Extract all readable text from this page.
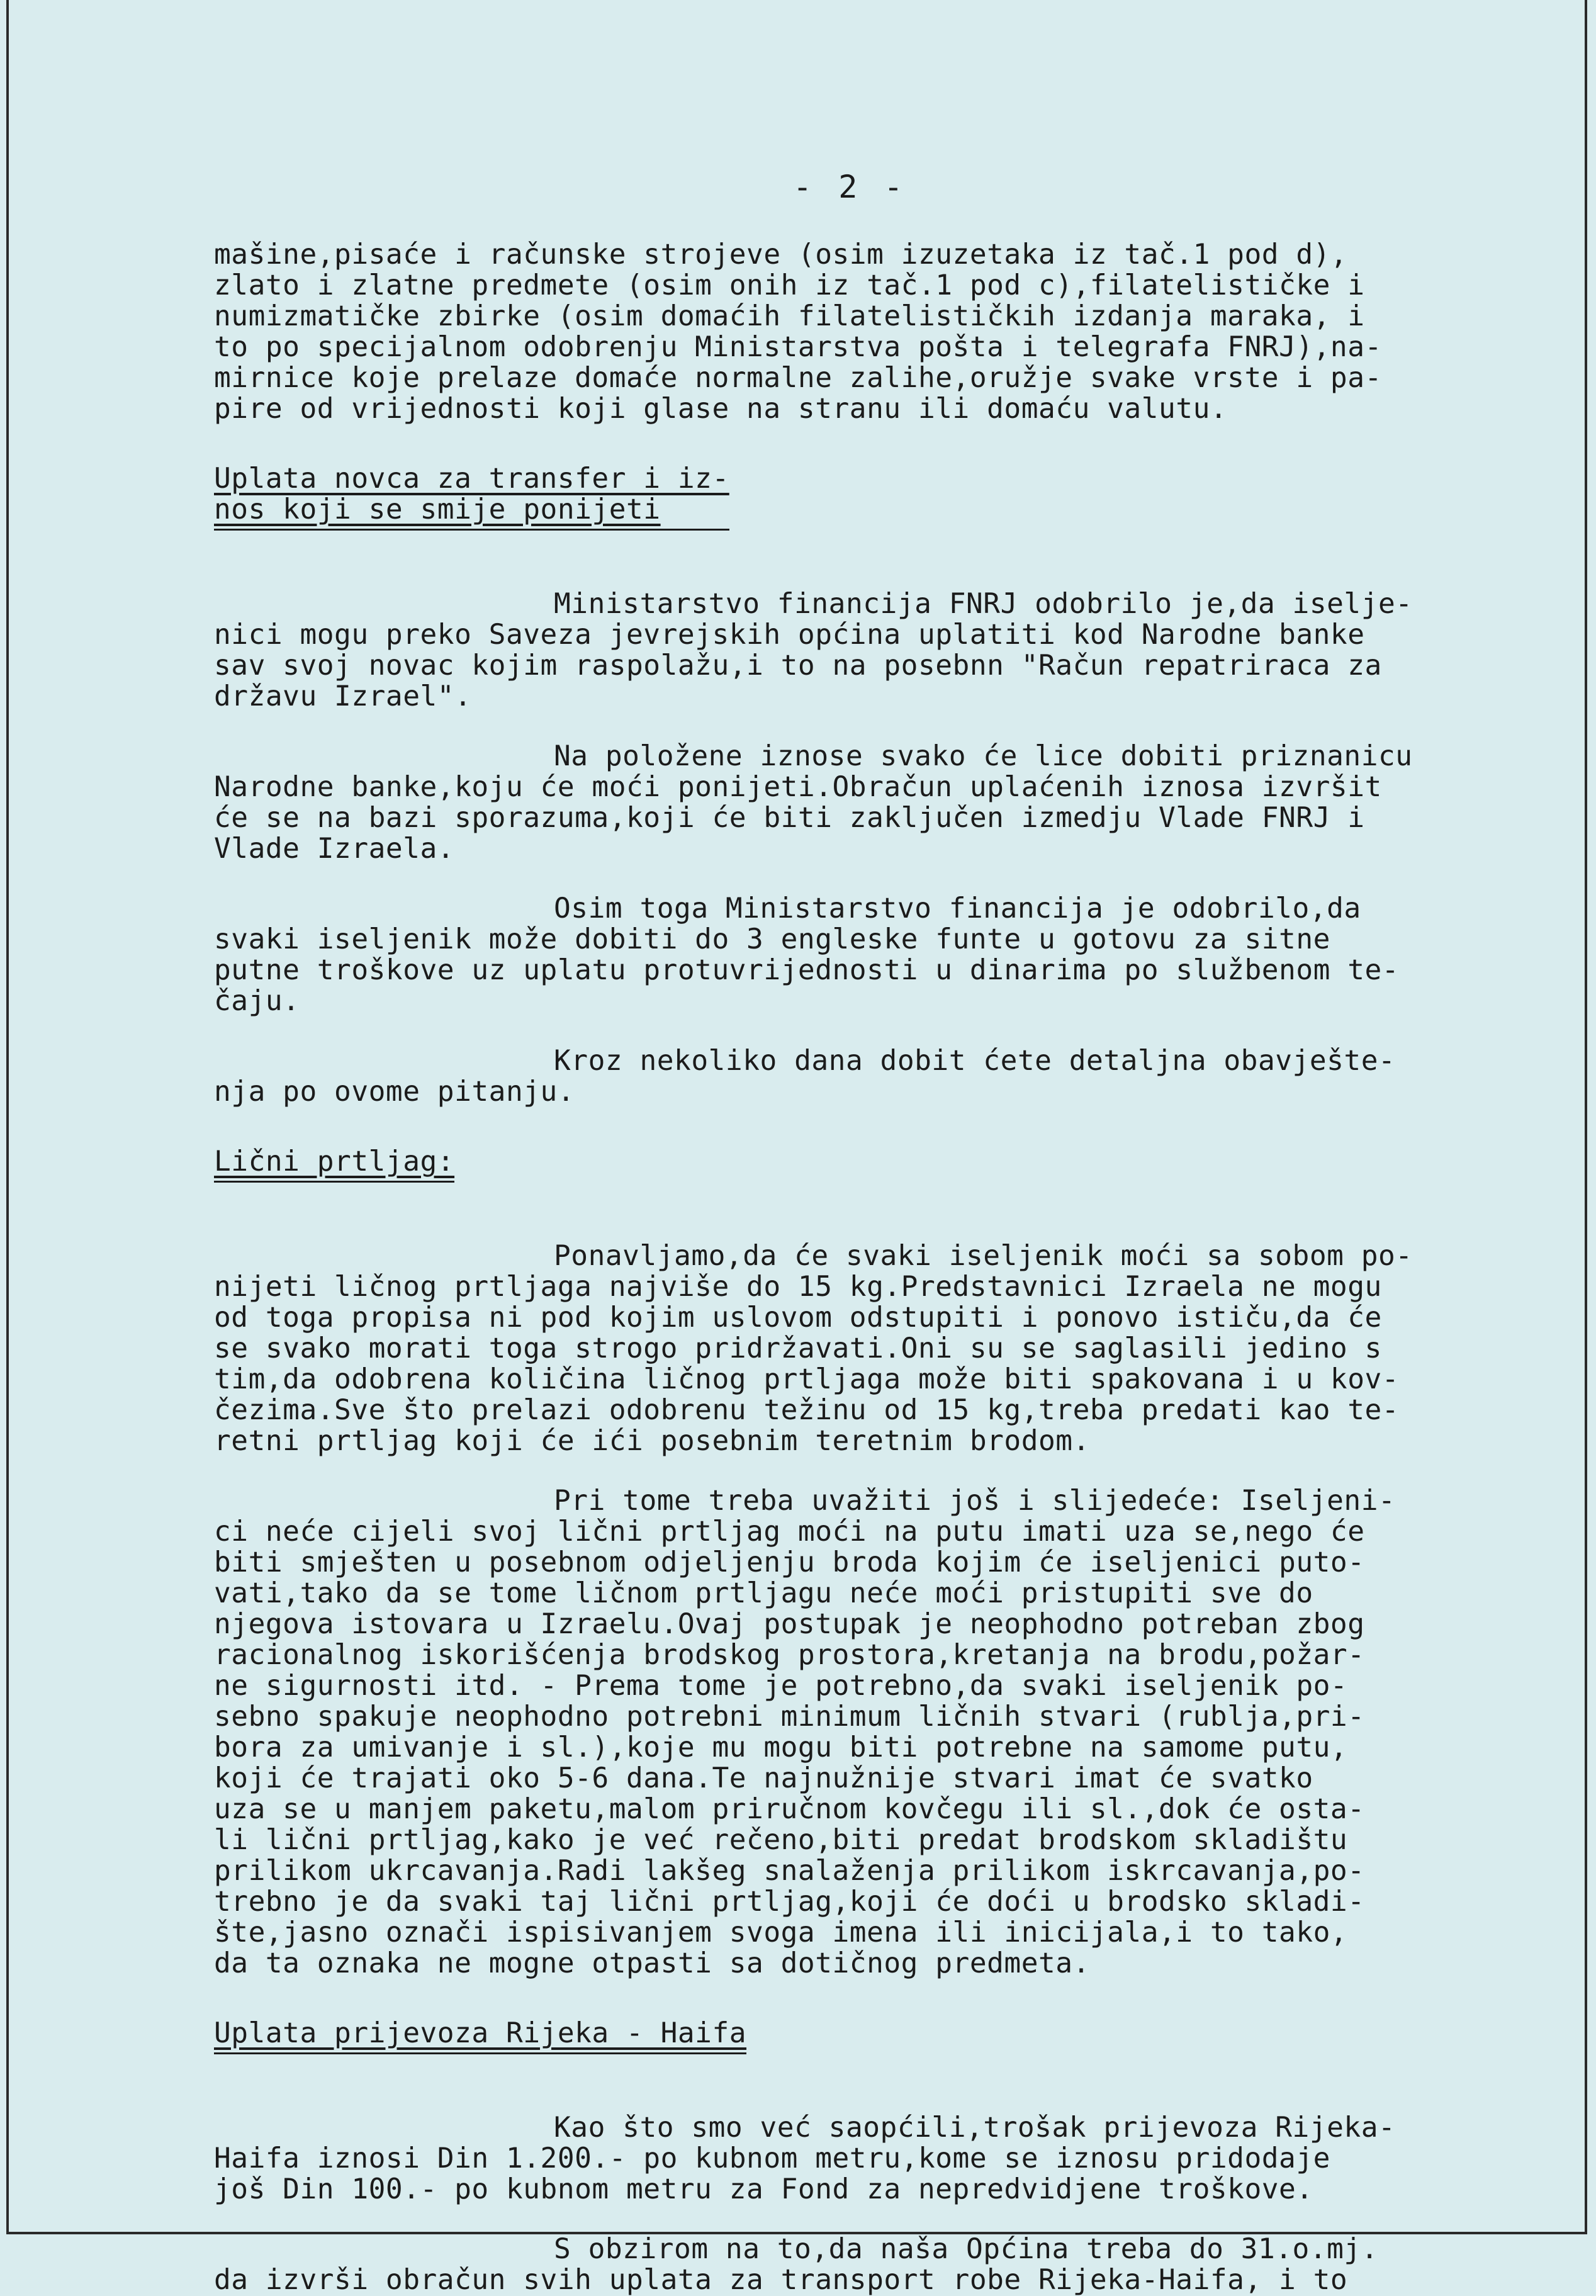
- 2 -
mašine,pisaće i računske strojeve (osim izuzetaka iz tač.1 pod d),
zlato i zlatne predmete (osim onih iz tač.1 pod c),filatelističke i
numizmatičke zbirke (osim domaćih filatelističkih izdanja maraka, i
to po specijalnom odobrenju Ministarstva pošta i telegrafa FNRJ),na-
mirnice koje prelaze domaće normalne zalihe,oružje svake vrste i pa-
pire od vrijednosti koji glase na stranu ili domaću valutu.
Uplata novca za transfer i iz-
nos koji se smije ponijeti
Ministarstvo financija FNRJ odobrilo je,da iselje-
nici mogu preko Saveza jevrejskih općina uplatiti kod Narodne banke
sav svoj novac kojim raspolažu,i to na posebnn "Račun repatriraca za
državu Izrael".
Na položene iznose svako će lice dobiti priznanicu
Narodne banke,koju će moći ponijeti.Obračun uplaćenih iznosa izvršit
će se na bazi sporazuma,koji će biti zaključen izmedju Vlade FNRJ i
Vlade Izraela.
Osim toga Ministarstvo financija je odobrilo,da
svaki iseljenik može dobiti do 3 engleske funte u gotovu za sitne
putne troškove uz uplatu protuvrijednosti u dinarima po službenom te-
čaju.
Kroz nekoliko dana dobit ćete detaljna obavješte-
nja po ovome pitanju.
Lični prtljag:
Ponavljamo,da će svaki iseljenik moći sa sobom po-
nijeti ličnog prtljaga najviše do 15 kg.Predstavnici Izraela ne mogu
od toga propisa ni pod kojim uslovom odstupiti i ponovo ističu,da će
se svako morati toga strogo pridržavati.Oni su se saglasili jedino s
tim,da odobrena količina ličnog prtljaga može biti spakovana i u kov-
čezima.Sve što prelazi odobrenu težinu od 15 kg,treba predati kao te-
retni prtljag koji će ići posebnim teretnim brodom.
Pri tome treba uvažiti još i slijedeće: Iseljeni-
ci neće cijeli svoj lični prtljag moći na putu imati uza se,nego će
biti smješten u posebnom odjeljenju broda kojim će iseljenici puto-
vati,tako da se tome ličnom prtljagu neće moći pristupiti sve do
njegova istovara u Izraelu.Ovaj postupak je neophodno potreban zbog
racionalnog iskorišćenja brodskog prostora,kretanja na brodu,požar-
ne sigurnosti itd. - Prema tome je potrebno,da svaki iseljenik po-
sebno spakuje neophodno potrebni minimum ličnih stvari (rublja,pri-
bora za umivanje i sl.),koje mu mogu biti potrebne na samome putu,
koji će trajati oko 5-6 dana.Te najnužnije stvari imat će svatko
uza se u manjem paketu,malom priručnom kovčegu ili sl.,dok će osta-
li lični prtljag,kako je već rečeno,biti predat brodskom skladištu
prilikom ukrcavanja.Radi lakšeg snalaženja prilikom iskrcavanja,po-
trebno je da svaki taj lični prtljag,koji će doći u brodsko skladi-
šte,jasno označi ispisivanjem svoga imena ili inicijala,i to tako,
da ta oznaka ne mogne otpasti sa dotičnog predmeta.
Uplata prijevoza Rijeka - Haifa
Kao što smo već saopćili,trošak prijevoza Rijeka-
Haifa iznosi Din 1.200.- po kubnom metru,kome se iznosu pridodaje
još Din 100.- po kubnom metru za Fond za nepredvidjene troškove.
S obzirom na to,da naša Općina treba do 31.o.mj.
da izvrši obračun svih uplata za transport robe Rijeka-Haifa, i to
